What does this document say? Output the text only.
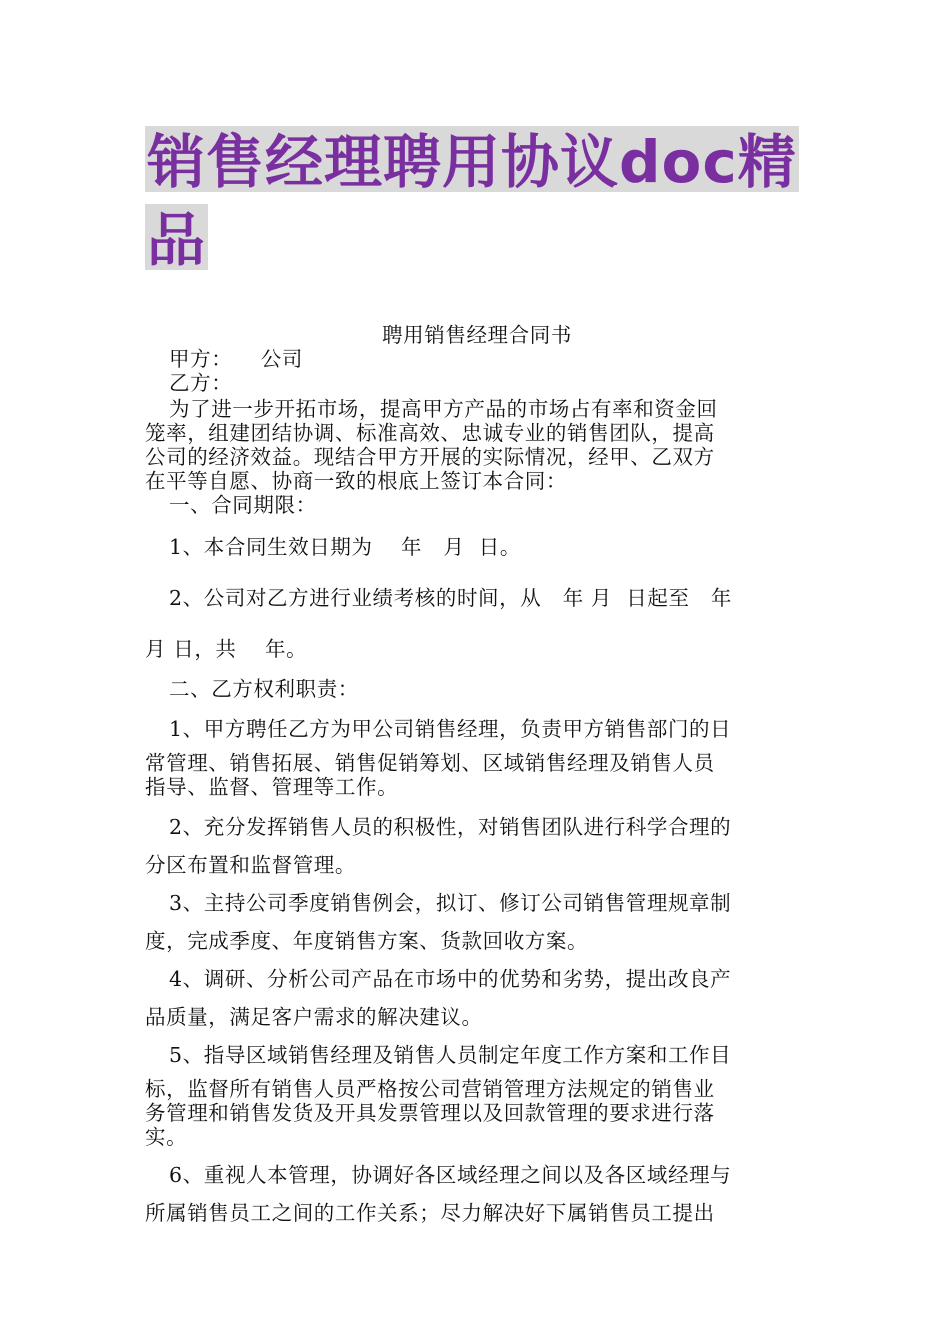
销售经理聘用协议doc精
品

聘用销售经理合同书

甲方：    公司

乙方：

为了进一步开拓市场，提高甲方产品的市场占有率和资金回

笼率，组建团结协调、标准高效、忠诚专业的销售团队，提高

公司的经济效益。现结合甲方开展的实际情况，经甲、乙双方

在平等自愿、协商一致的根底上签订本合同：

一、合同期限：

1、本合同生效日期为    年   月  日。

2、公司对乙方进行业绩考核的时间，从   年 月  日起至   年

月 日，共    年。

二、乙方权利职责：

1、甲方聘任乙方为甲公司销售经理，负责甲方销售部门的日

常管理、销售拓展、销售促销筹划、区域销售经理及销售人员

指导、监督、管理等工作。

2、充分发挥销售人员的积极性，对销售团队进行科学合理的

分区布置和监督管理。

3、主持公司季度销售例会，拟订、修订公司销售管理规章制

度，完成季度、年度销售方案、货款回收方案。

4、调研、分析公司产品在市场中的优势和劣势，提出改良产

品质量，满足客户需求的解决建议。

5、指导区域销售经理及销售人员制定年度工作方案和工作目

标，监督所有销售人员严格按公司营销管理方法规定的销售业

务管理和销售发货及开具发票管理以及回款管理的要求进行落

实。

6、重视人本管理，协调好各区域经理之间以及各区域经理与

所属销售员工之间的工作关系；尽力解决好下属销售员工提出
